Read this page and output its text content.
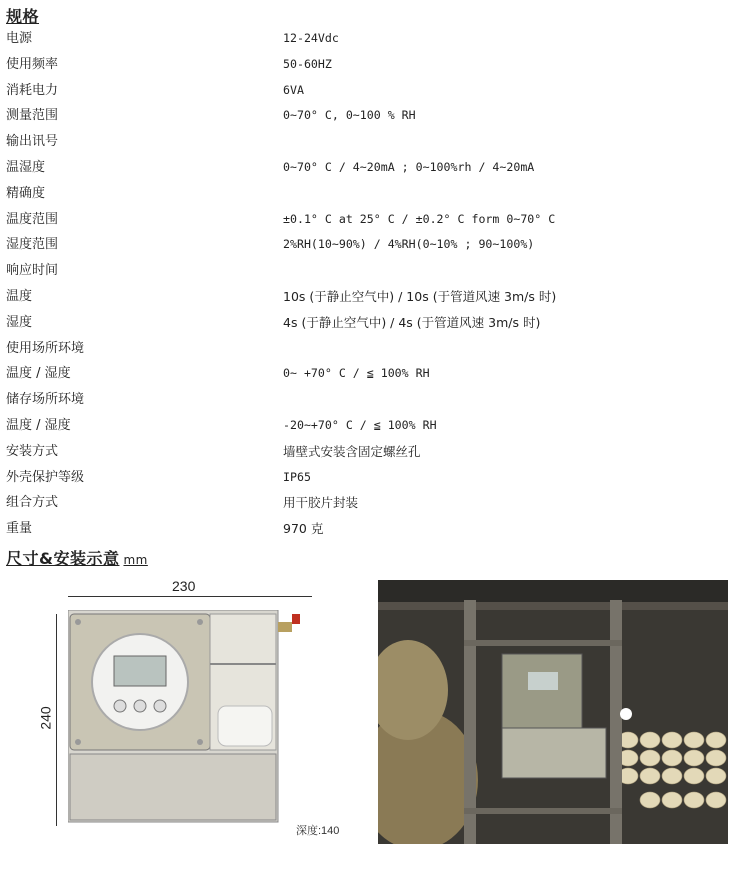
规格
电源	12-24Vdc
使用频率	50-60HZ
消耗电力	6VA
测量范围	0~70° C, 0~100 % RH
输出讯号
温湿度	0~70° C / 4~20mA ; 0~100%rh / 4~20mA
精确度
温度范围	±0.1° C at 25° C / ±0.2° C form 0~70° C
湿度范围	2%RH(10~90%) / 4%RH(0~10% ; 90~100%)
响应时间
温度	10s (于静止空气中) / 10s (于管道风速 3m/s 时)
湿度	4s (于静止空气中) / 4s (于管道风速 3m/s 时)
使用场所环境
温度 / 湿度	0~ +70° C / ≦ 100% RH
储存场所环境
温度 / 湿度	-20~+70° C / ≦ 100% RH
安装方式	墙壁式安装含固定螺丝孔
外壳保护等级	IP65
组合方式	用干胶片封装
重量	970 克
尺寸&安装示意 mm
230
240
深度:140
